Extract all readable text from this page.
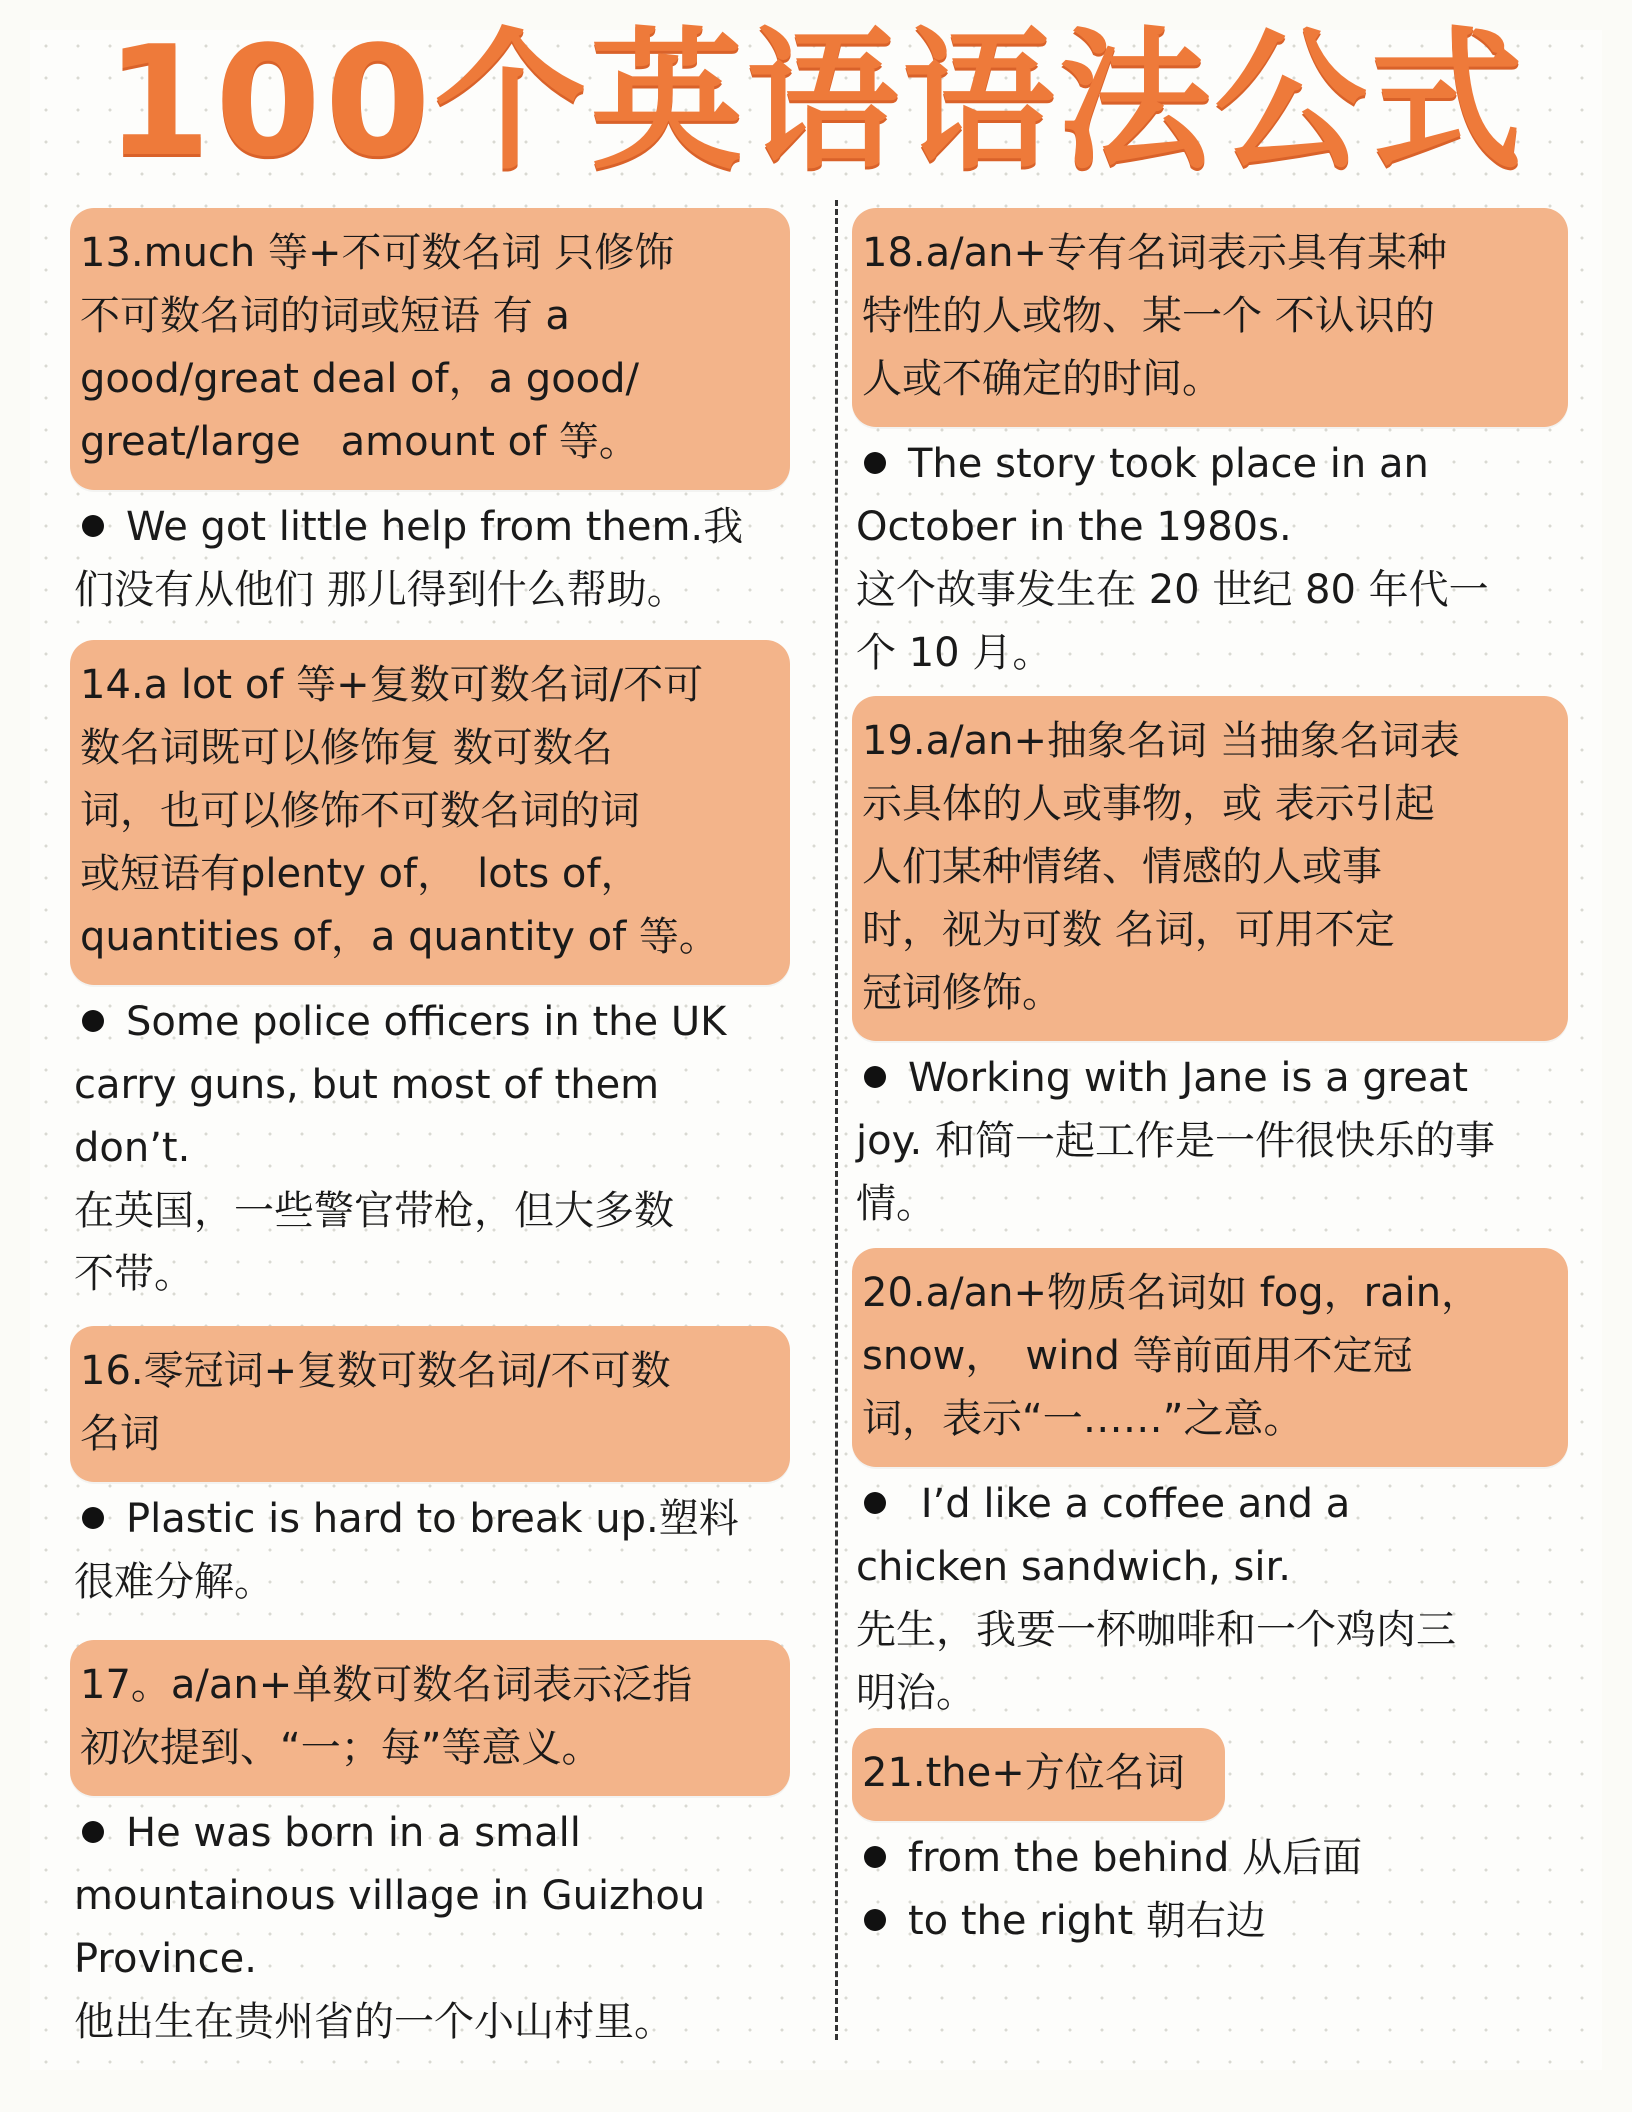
100个英语语法公式
13.much 等+不可数名词 只修饰
不可数名词的词或短语 有 a
good/great deal of，a good/
great/large　amount of 等。
We got little help from them.我
们没有从他们 那儿得到什么帮助。
14.a lot of 等+复数可数名词/不可
数名词既可以修饰复 数可数名
词，也可以修饰不可数名词的词
或短语有plenty of，　lots of，
quantities of，a quantity of 等。
Some police officers in the UK
carry guns, but most of them
don’t.
在英国，一些警官带枪，但大多数
不带。
16.零冠词+复数可数名词/不可数
名词
Plastic is hard to break up.塑料
很难分解。
17。a/an+单数可数名词表示泛指
初次提到、“一；每”等意义。
He was born in a small
mountainous village in Guizhou
Province.
他出生在贵州省的一个小山村里。
18.a/an+专有名词表示具有某种
特性的人或物、某一个 不认识的
人或不确定的时间。
The story took place in an
October in the 1980s.
这个故事发生在 20 世纪 80 年代一
个 10 月。
19.a/an+抽象名词 当抽象名词表
示具体的人或事物，或 表示引起
人们某种情绪、情感的人或事
时，视为可数 名词，可用不定
冠词修饰。
Working with Jane is a great
joy. 和简一起工作是一件很快乐的事
情。
20.a/an+物质名词如 fog，rain，
snow，　wind 等前面用不定冠
词，表示“一……”之意。
I’d like a coffee and a
chicken sandwich, sir.
先生，我要一杯咖啡和一个鸡肉三
明治。
21.the+方位名词
from the behind 从后面
to the right 朝右边
